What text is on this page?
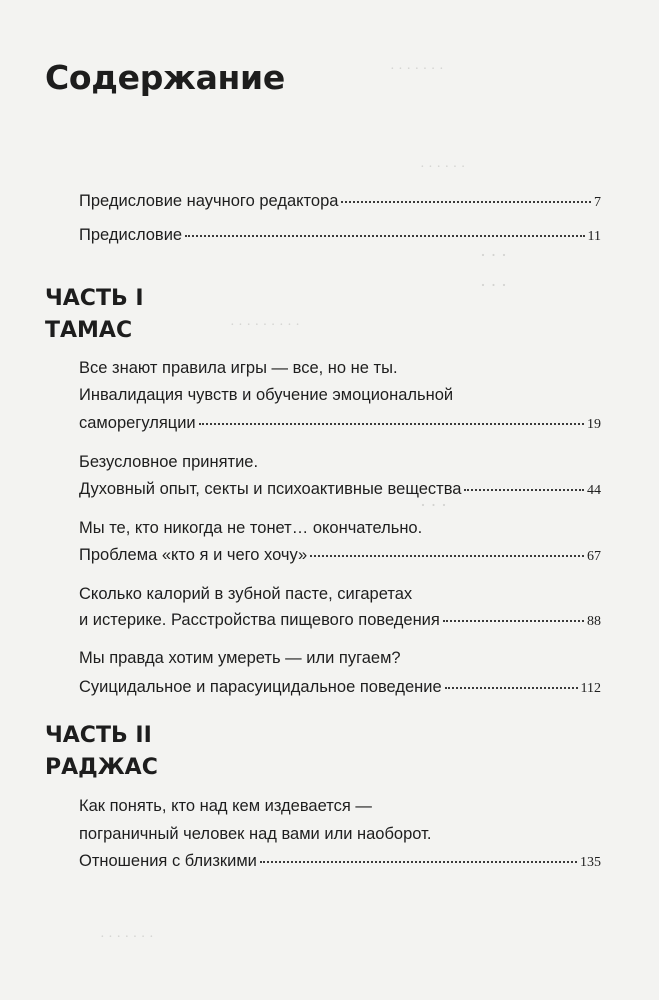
· · · · · · ·
· · · · · ·
· · ·
· · ·
· · · · · · · · ·
· · ·
· · · · · · ·
Содержание
Предисловие научного редактора	7
Предисловие	11
ЧАСТЬ I
ТАМАС
Все знают правила игры — все, но не ты.
Инвалидация чувств и обучение эмоциональной
саморегуляции	19
Безусловное принятие.
Духовный опыт, секты и психоактивные вещества	44
Мы те, кто никогда не тонет… окончательно.
Проблема «кто я и чего хочу»	67
Сколько калорий в зубной пасте, сигаретах
и истерике. Расстройства пищевого поведения	88
Мы правда хотим умереть — или пугаем?
Суицидальное и парасуицидальное поведение	112
ЧАСТЬ II
РАДЖАС
Как понять, кто над кем издевается —
пограничный человек над вами или наоборот.
Отношения с близкими	135
